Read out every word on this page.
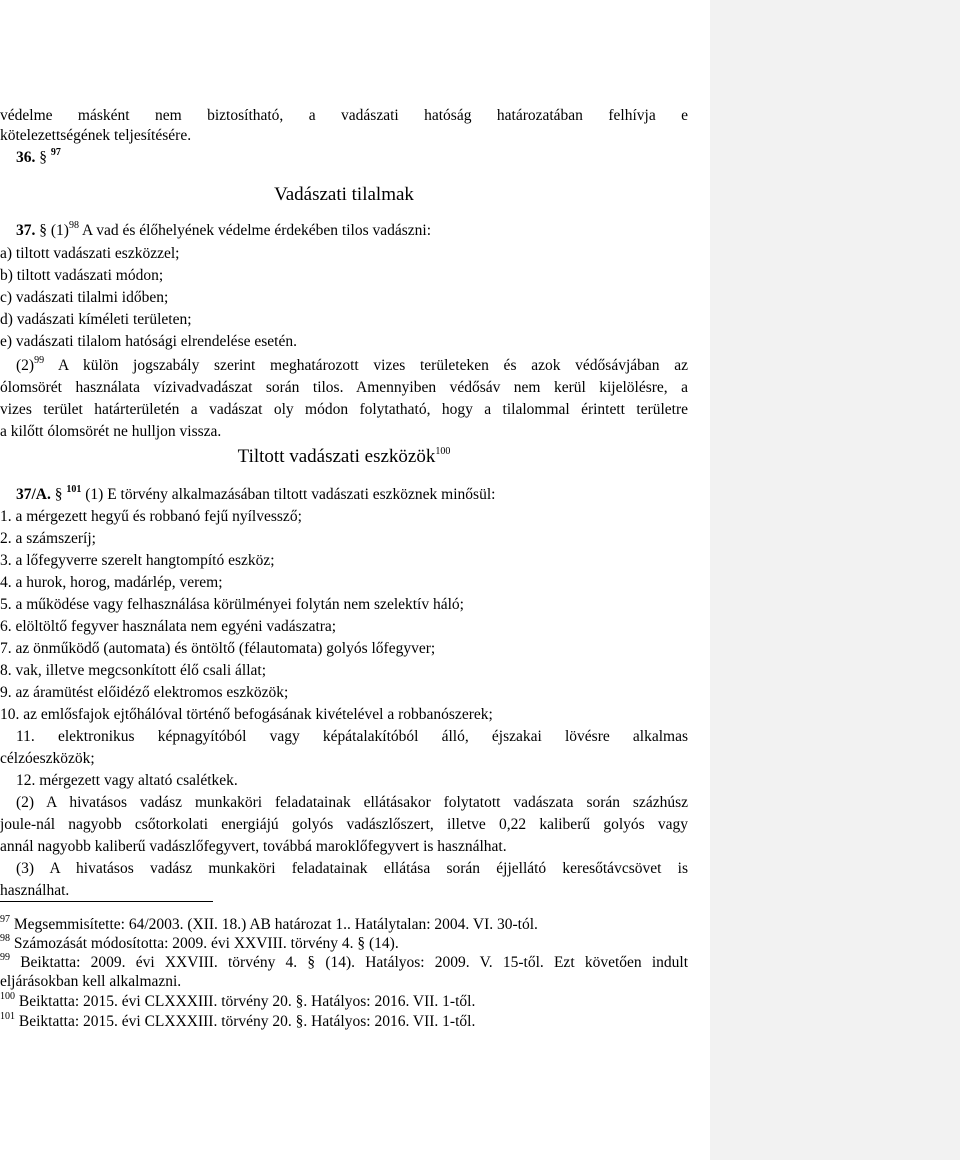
védelme másként nem biztosítható, a vadászati hatóság határozatában felhívja e
kötelezettségének teljesítésére.
36. § $^{97}$
Vadászati tilalmak
37. § $(1)^{98}$ A vad és élőhelyének védelme érdekében tilos vadászni:
a) tiltott vadászati eszközzel;
b) tiltott vadászati módon;
c) vadászati tilalmi időben;
d) vadászati kíméleti területen;
e) vadászati tilalom hatósági elrendelése esetén.
$(2)^{99}$ A külön jogszabály szerint meghatározott vizes területeken és azok védősávjában az
ólomsörét használata vízivadvadászat során tilos. Amennyiben védősáv nem kerül kijelölésre, a
vizes terület határterületén a vadászat oly módon folytatható, hogy a tilalommal érintett területre
a kilőtt ólomsörét ne hulljon vissza.
Tiltott vadászati eszközök$^{100}$
37/A. § $^{101}$ (1) E törvény alkalmazásában tiltott vadászati eszköznek minősül:
1. a mérgezett hegyű és robbanó fejű nyílvessző;
2. a számszeríj;
3. a lőfegyverre szerelt hangtompító eszköz;
4. a hurok, horog, madárlép, verem;
5. a működése vagy felhasználása körülményei folytán nem szelektív háló;
6. elöltöltő fegyver használata nem egyéni vadászatra;
7. az önműködő (automata) és öntöltő (félautomata) golyós lőfegyver;
8. vak, illetve megcsonkított élő csali állat;
9. az áramütést előidéző elektromos eszközök;
10. az emlősfajok ejtőhálóval történő befogásának kivételével a robbanószerek;
11. elektronikus képnagyítóból vagy képátalakítóból álló, éjszakai lövésre alkalmas
célzóeszközök;
12. mérgezett vagy altató csalétkek.
(2) A hivatásos vadász munkaköri feladatainak ellátásakor folytatott vadászata során százhúsz
joule-nál nagyobb csőtorkolati energiájú golyós vadászlőszert, illetve 0,22 kaliberű golyós vagy
annál nagyobb kaliberű vadászlőfegyvert, továbbá maroklőfegyvert is használhat.
(3) A hivatásos vadász munkaköri feladatainak ellátása során éjjellátó keresőtávcsövet is
használhat.
$^{97}$ Megsemmisítette: 64/2003. (XII. 18.) AB határozat 1.. Hatálytalan: 2004. VI. 30-tól.
$^{98}$ Számozását módosította: 2009. évi XXVIII. törvény 4. § (14).
$^{99}$ Beiktatta: 2009. évi XXVIII. törvény 4. § (14). Hatályos: 2009. V. 15-től. Ezt követően indult
eljárásokban kell alkalmazni.
$^{100}$ Beiktatta: 2015. évi CLXXXIII. törvény 20. §. Hatályos: 2016. VII. 1-től.
$^{101}$ Beiktatta: 2015. évi CLXXXIII. törvény 20. §. Hatályos: 2016. VII. 1-től.
